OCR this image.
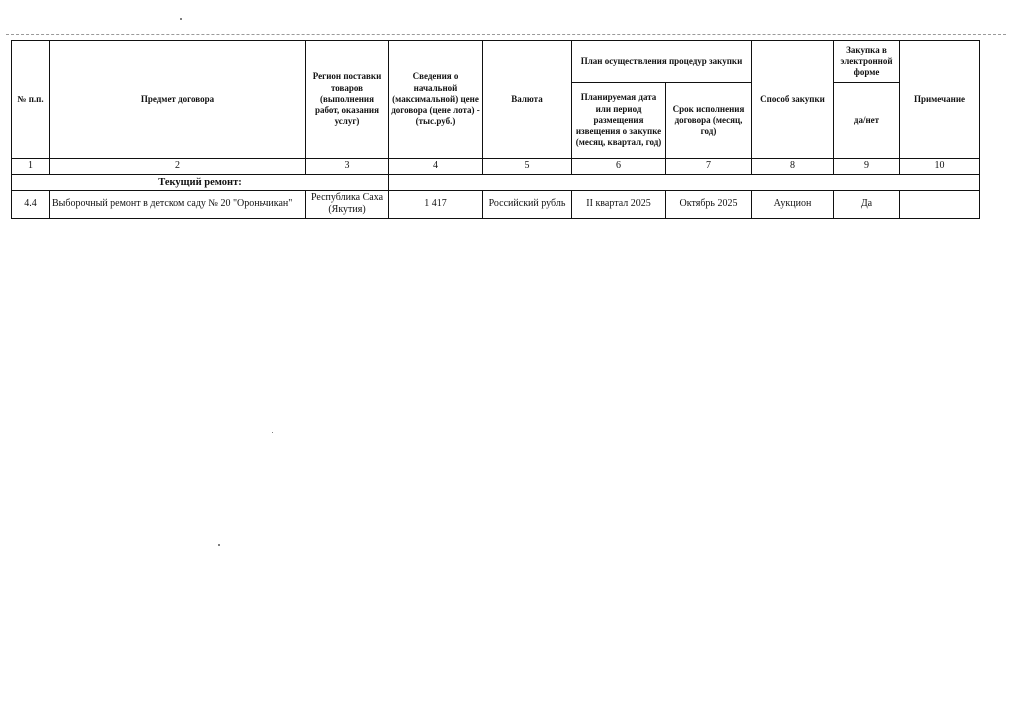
№ п.п.	Предмет договора	Регион поставки товаров (выполнения работ, оказания услуг)	Сведения о начальной (максимальной) цене договора (цене лота) - (тыс.руб.)	Валюта	План осуществления процедур закупки		Способ закупки	Закупка в электронной форме	Примечание
					Планируемая дата или период размещения извещения о закупке (месяц, квартал, год)	Срок исполнения договора (месяц, год)		да/нет	
1	2	3	4	5	6	7	8	9	10
Текущий ремонт:									
4.4	Выборочный ремонт в детском саду № 20 "Ороньчикан"	Республика Саха (Якутия)	1 417	Российский рубль	II квартал 2025	Октябрь 2025	Аукцион	Да	
